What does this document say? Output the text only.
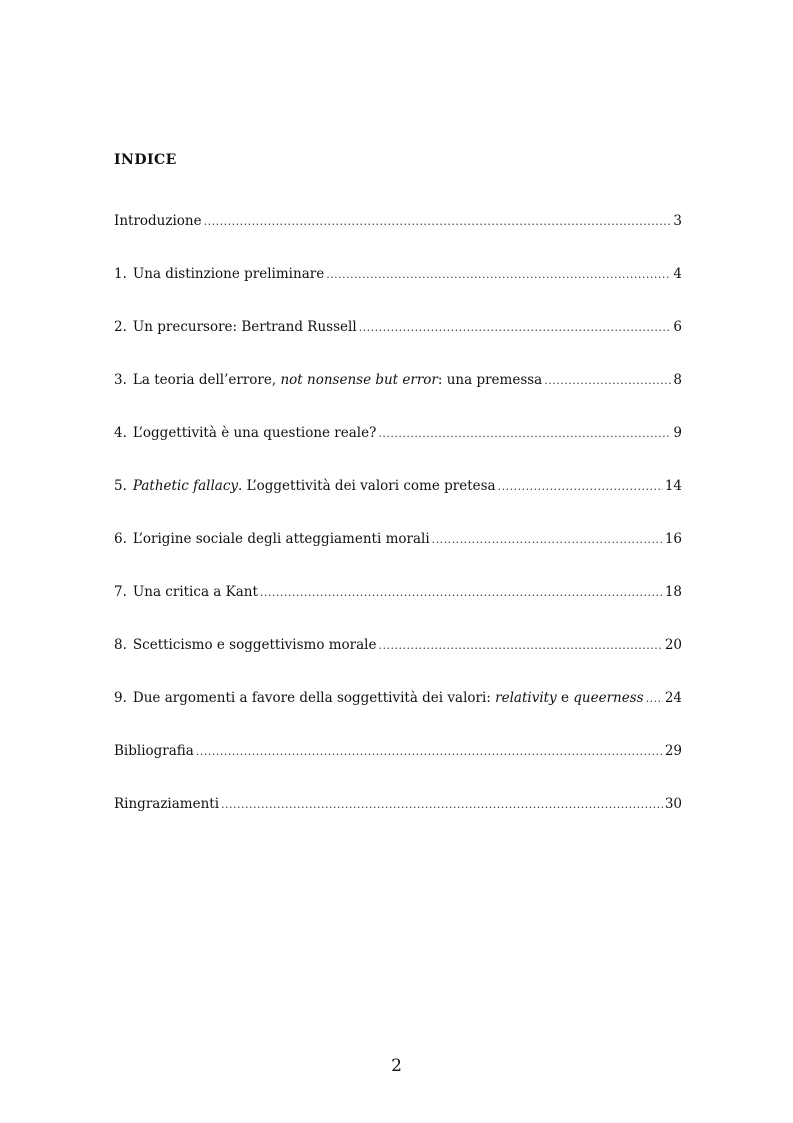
INDICE
Introduzione .....	3
1. Una distinzione preliminare .....	4
2. Un precursore: Bertrand Russell .....	6
3. La teoria dell’errore, not nonsense but error: una premessa .....	8
4. L’oggettività è una questione reale? .....	9
5. Pathetic fallacy. L’oggettività dei valori come pretesa .....	14
6. L’origine sociale degli atteggiamenti morali .....	16
7. Una critica a Kant .....	18
8. Scetticismo e soggettivismo morale .....	20
9. Due argomenti a favore della soggettività dei valori: relativity e queerness ..... 24
Bibliografia .....	29
Ringraziamenti .....	30
2
